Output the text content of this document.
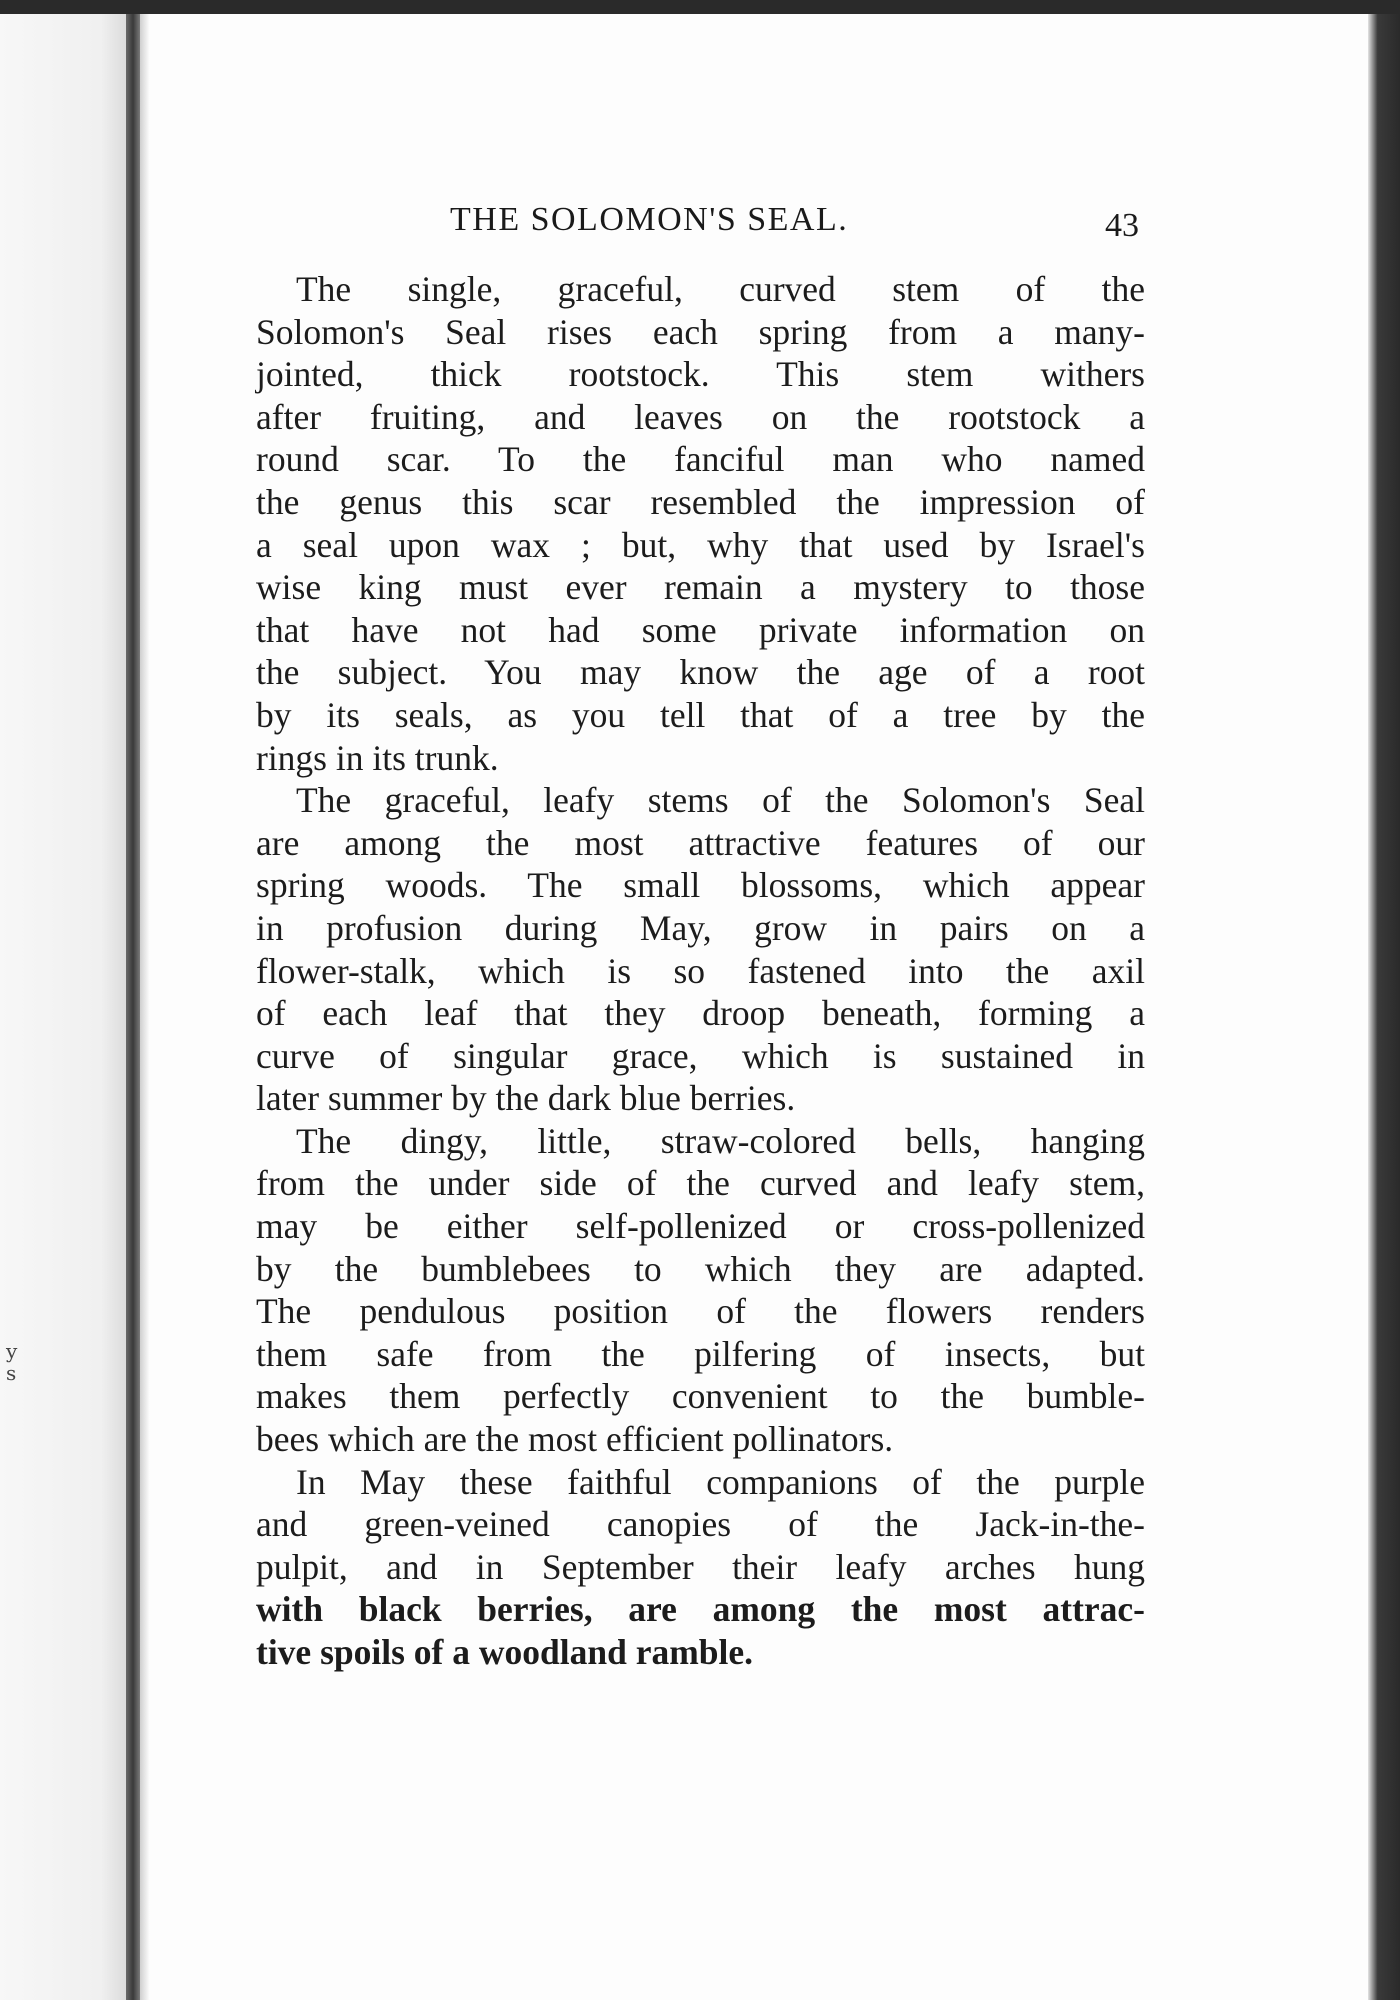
y
s
THE SOLOMON'S SEAL.	43
The single, graceful, curved stem of the
Solomon's Seal rises each spring from a many-
jointed, thick rootstock. This stem withers
after fruiting, and leaves on the rootstock a
round scar. To the fanciful man who named
the genus this scar resembled the impression of
a seal upon wax ; but, why that used by Israel's
wise king must ever remain a mystery to those
that have not had some private information on
the subject. You may know the age of a root
by its seals, as you tell that of a tree by the
rings in its trunk.
The graceful, leafy stems of the Solomon's Seal
are among the most attractive features of our
spring woods. The small blossoms, which appear
in profusion during May, grow in pairs on a
flower-stalk, which is so fastened into the axil
of each leaf that they droop beneath, forming a
curve of singular grace, which is sustained in
later summer by the dark blue berries.
The dingy, little, straw-colored bells, hanging
from the under side of the curved and leafy stem,
may be either self-pollenized or cross-pollenized
by the bumblebees to which they are adapted.
The pendulous position of the flowers renders
them safe from the pilfering of insects, but
makes them perfectly convenient to the bumble-
bees which are the most efficient pollinators.
In May these faithful companions of the purple
and green-veined canopies of the Jack-in-the-
pulpit, and in September their leafy arches hung
with black berries, are among the most attrac-
tive spoils of a woodland ramble.
